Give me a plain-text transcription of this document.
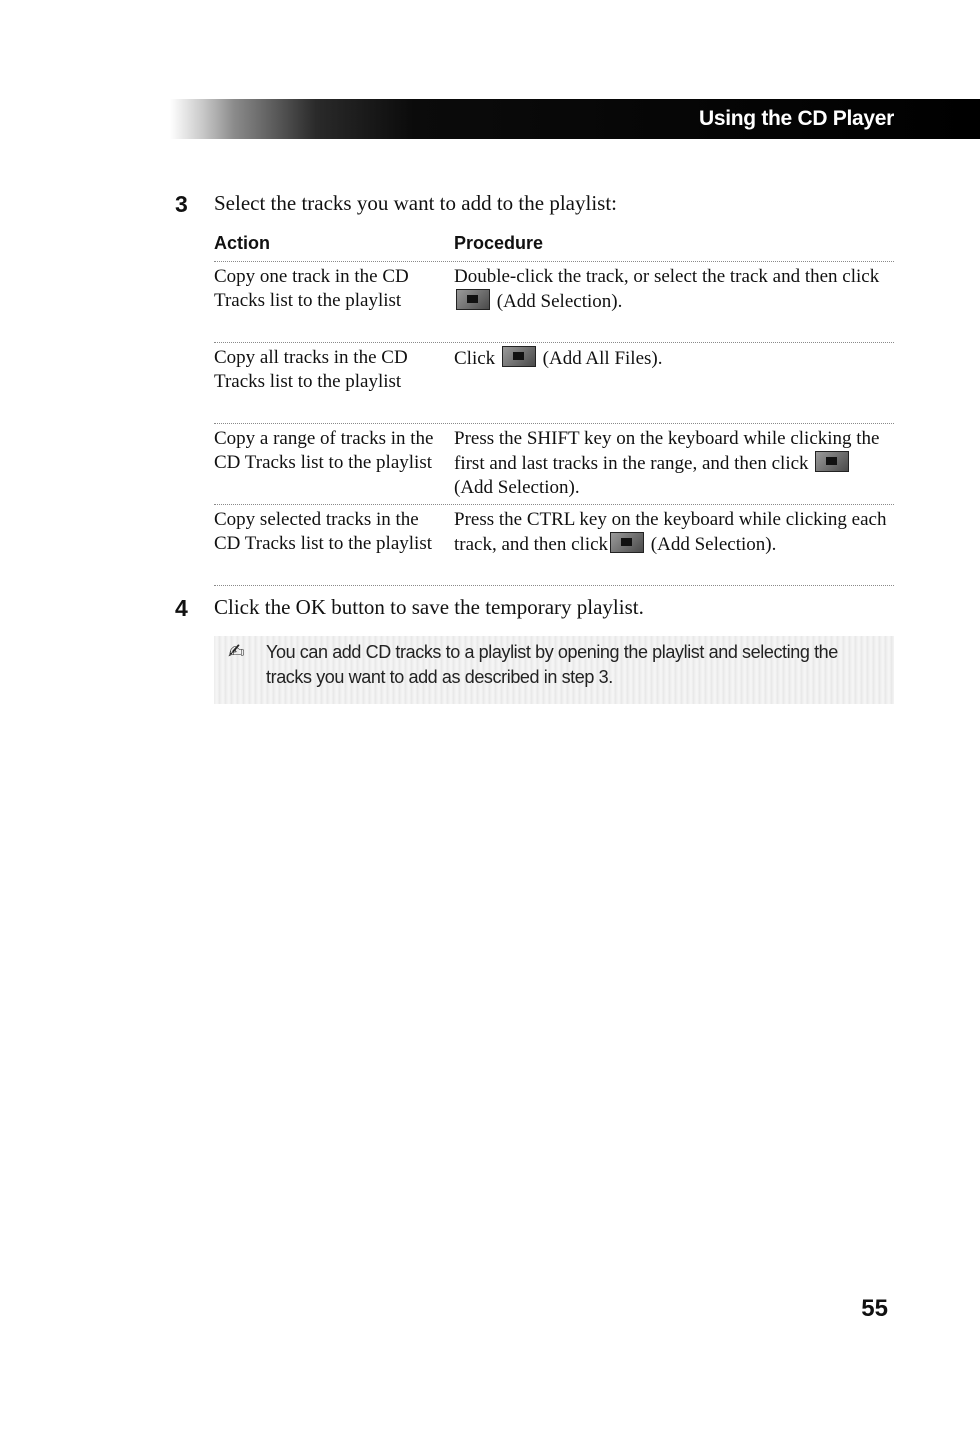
Using the CD Player
3 Select the tracks you want to add to the playlist:
Action	Procedure
Copy one track in the CD Tracks list to the playlist
Double-click the track, or select the track and then click  (Add Selection).
Copy all tracks in the CD Tracks list to the playlist
Click	(Add All Files).
Copy a range of tracks in the CD Tracks list to the playlist
Press the SHIFT key on the keyboard while clicking the first and last tracks in the range, and then click  (Add Selection).
Copy selected tracks in the CD Tracks list to the playlist
Press the CTRL key on the keyboard while clicking each track, and then click (Add Selection).
4 Click the OK button to save the temporary playlist.
✍ You can add CD tracks to a playlist by opening the playlist and selecting the tracks you want to add as described in step 3.
55
